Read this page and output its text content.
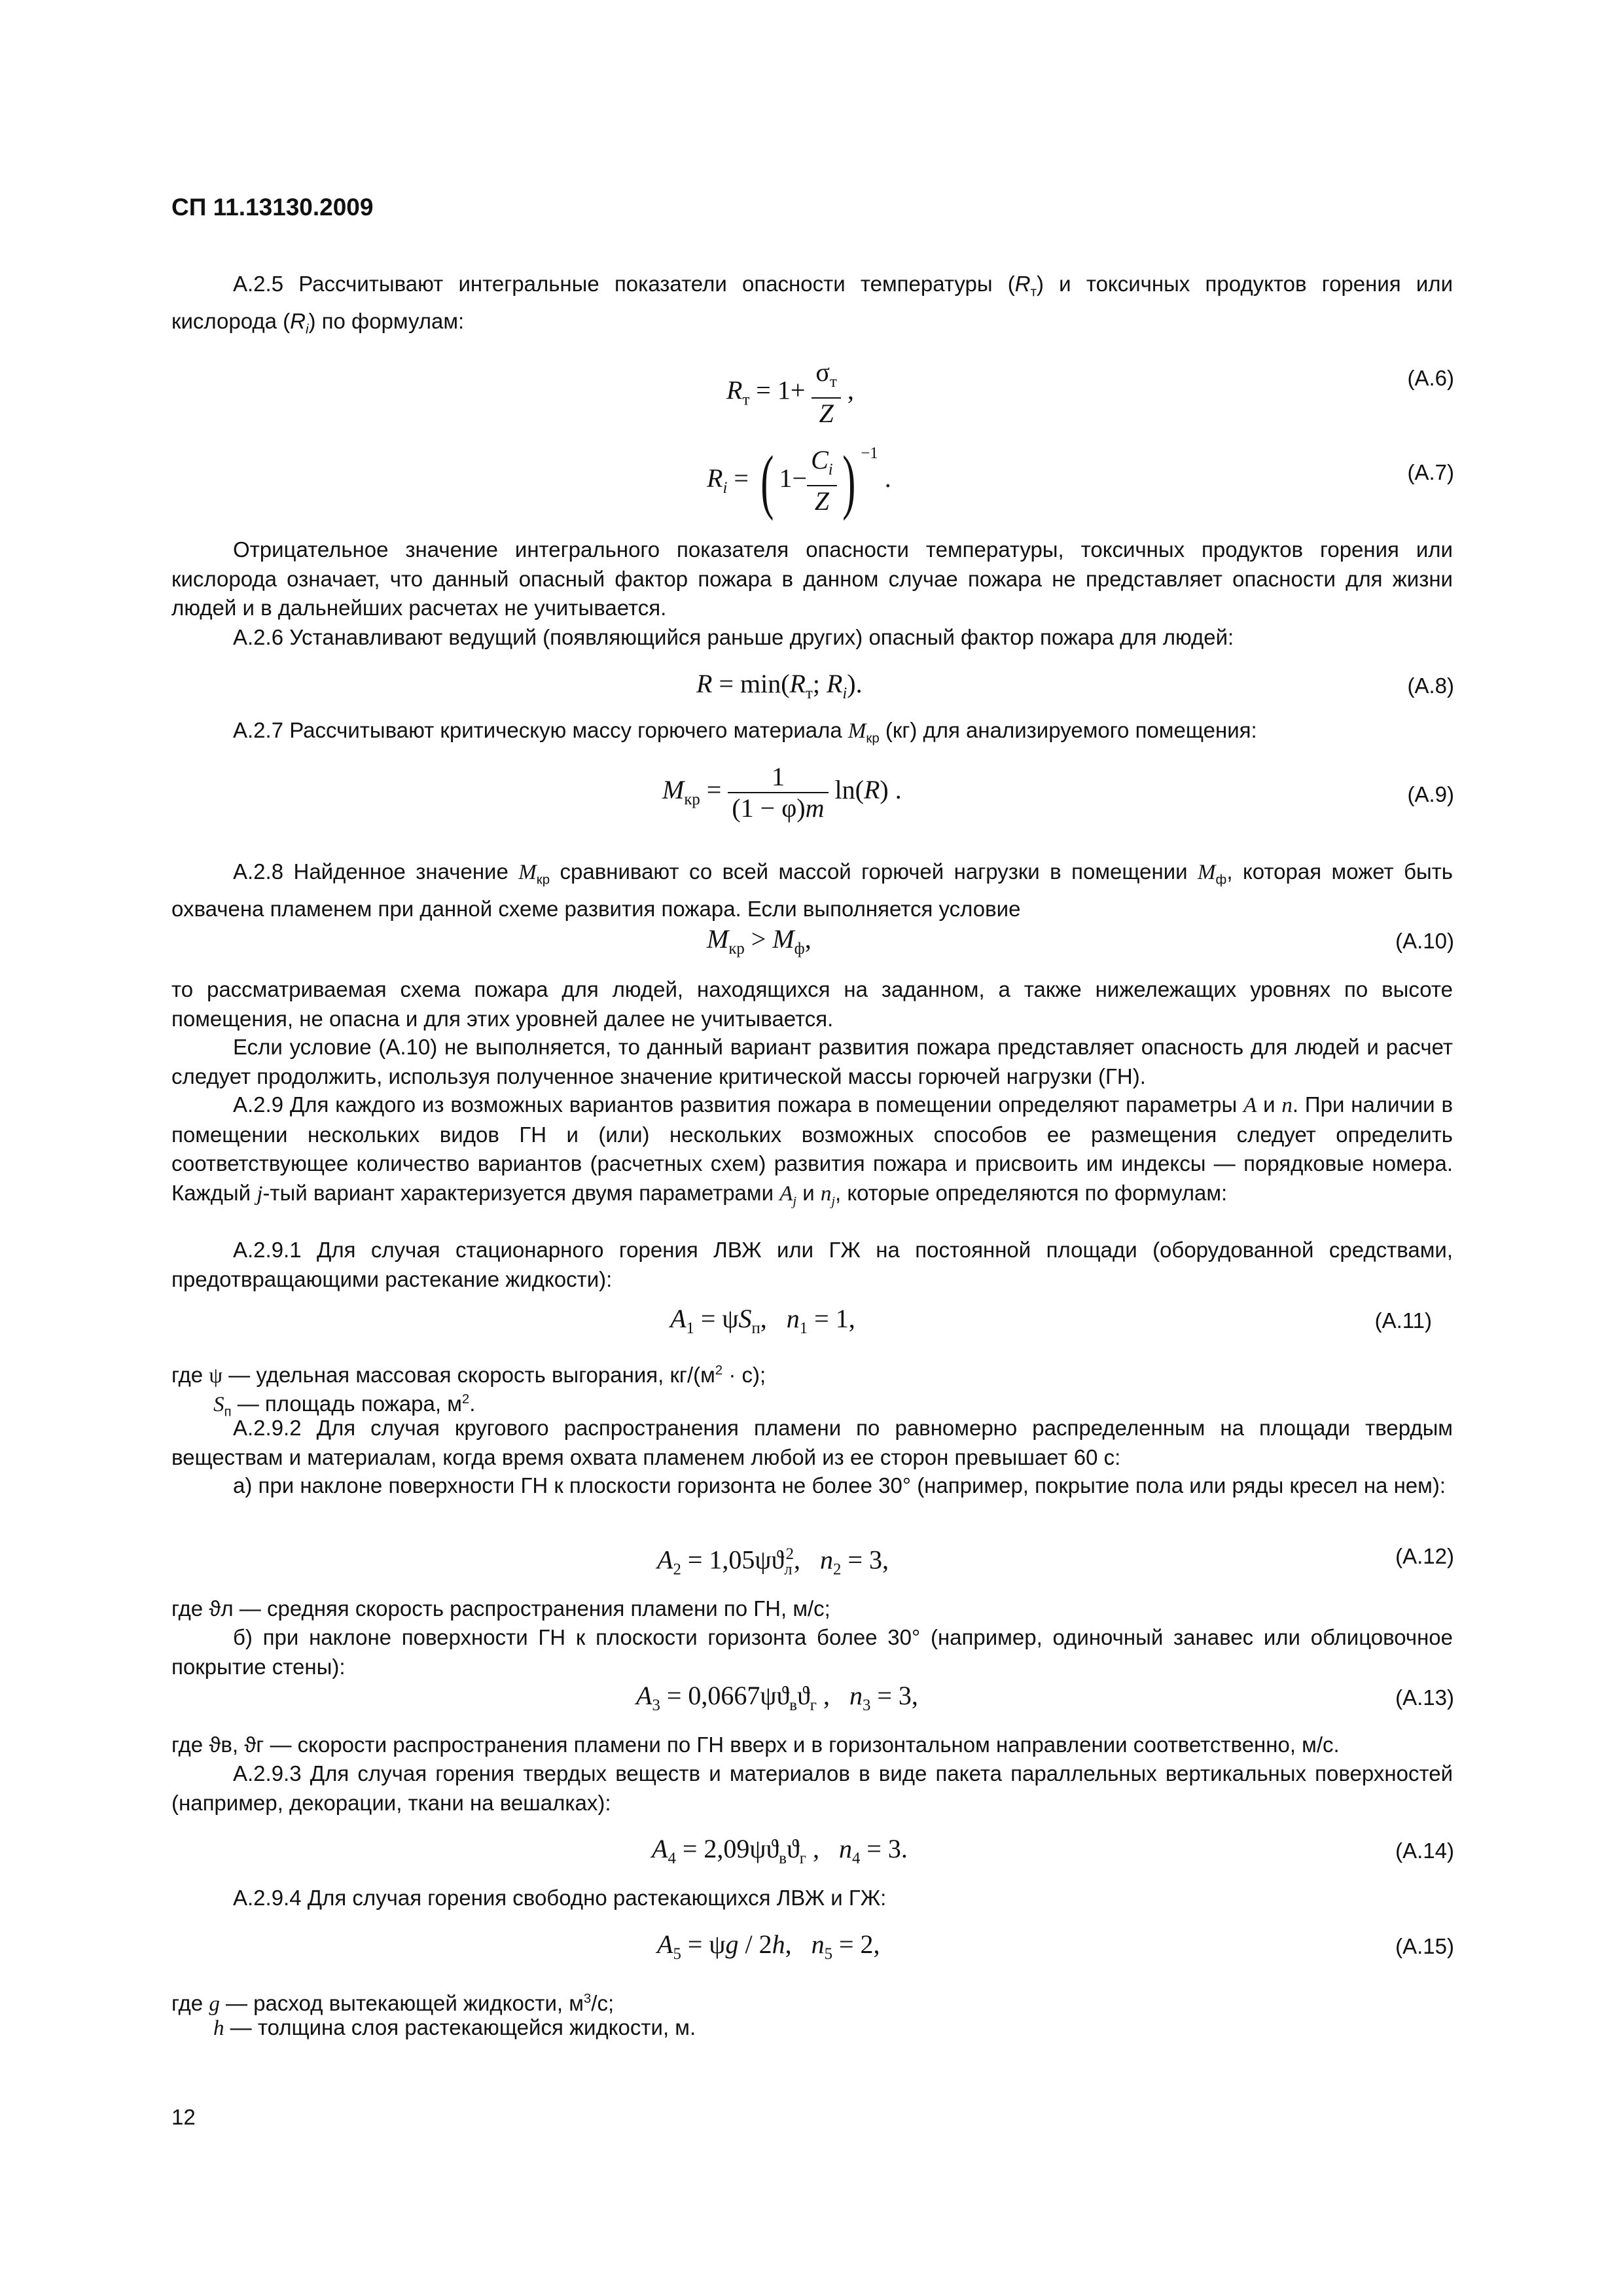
СП 11.13130.2009

А.2.5 Рассчитывают интегральные показатели опасности температуры $(R_т)$ и токсичных продуктов горения или кислорода $(R_i)$ по формулам:

$R_т = 1+ \frac{\sigma_т}{Z}$ ,	(А.6)
$R_i$ = ( $1- \frac{C_i}{Z}$ ) $^{-1}$ .	(А.7)

Отрицательное значение интегрального показателя опасности температуры, токсичных продуктов горения или кислорода означает, что данный опасный фактор пожара в данном случае пожара не представляет опасности для жизни людей и в дальнейших расчетах не учитывается.

А.2.6 Устанавливают ведущий (появляющийся раньше других) опасный фактор пожара для людей:

$R = \min(R_т$; $R_i$).	(А.8)

А.2.7 Рассчитывают критическую массу горючего материала $М_{кр}$ (кг) для анализируемого помещения:

$M_{кр} = \frac{1}{(1 - \varphi)m} \ln(R)$ .	(А.9)

А.2.8 Найденное значение $М_{кр}$ сравнивают со всей массой горючей нагрузки в помещении $М_ф$, которая может быть охвачена пламенем при данной схеме развития пожара. Если выполняется условие

$M_{кр} > M_ф$,	(А.10)

то рассматриваемая схема пожара для людей, находящихся на заданном, а также нижележащих уровнях по высоте помещения, не опасна и для этих уровней далее не учитывается.

Если условие (А.10) не выполняется, то данный вариант развития пожара представляет опасность для людей и расчет следует продолжить, используя полученное значение критической массы горючей нагрузки (ГН).

А.2.9 Для каждого из возможных вариантов развития пожара в помещении определяют параметры A и n. При наличии в помещении нескольких видов ГН и (или) нескольких возможных способов ее размещения следует определить соответствующее количество вариантов (расчетных схем) развития пожара и присвоить им индексы — порядковые номера. Каждый j-тый вариант характеризуется двумя параметрами $A_j$ и $n_j$, которые определяются по формулам:

А.2.9.1 Для случая стационарного горения ЛВЖ или ГЖ на постоянной площади (оборудованной средствами, предотвращающими растекание жидкости):

$A_1 = \psi S_п$,   $n_1 = 1$,	(А.11)

где ψ — удельная массовая скорость выгорания, $кг/(м^2 \cdot с)$;

$S_п$ — площадь пожара, $м^2$.

А.2.9.2 Для случая кругового распространения пламени по равномерно распределенным на площади твердым веществам и материалам, когда время охвата пламенем любой из ее сторон превышает 60 с:

а) при наклоне поверхности ГН к плоскости горизонта не более 30° (например, покрытие пола или ряды кресел на нем):

$A_2 = 1,05\psi ϑ_л^2$,   $n_2 = 3$,	(А.12)

где ϑл — средняя скорость распространения пламени по ГН, м/с;

б) при наклоне поверхности ГН к плоскости горизонта более 30° (например, одиночный занавес или облицовочное покрытие стены):

$A_3 = 0,0667\psi ϑ_вϑ_г$ ,   $n_3 = 3$,	(А.13)

где ϑв, ϑг — скорости распространения пламени по ГН вверх и в горизонтальном направлении соответственно, м/с.

А.2.9.3 Для случая горения твердых веществ и материалов в виде пакета параллельных вертикальных поверхностей (например, декорации, ткани на вешалках):

$A_4 = 2,09\psi ϑ_вϑ_г$ ,   $n_4 = 3$.	(А.14)

А.2.9.4 Для случая горения свободно растекающихся ЛВЖ и ГЖ:

$A_5 = \psi g / 2h$,   $n_5 = 2$,	(А.15)

где g — расход вытекающей жидкости, $м^3/с$;

h — толщина слоя растекающейся жидкости, м.

12
